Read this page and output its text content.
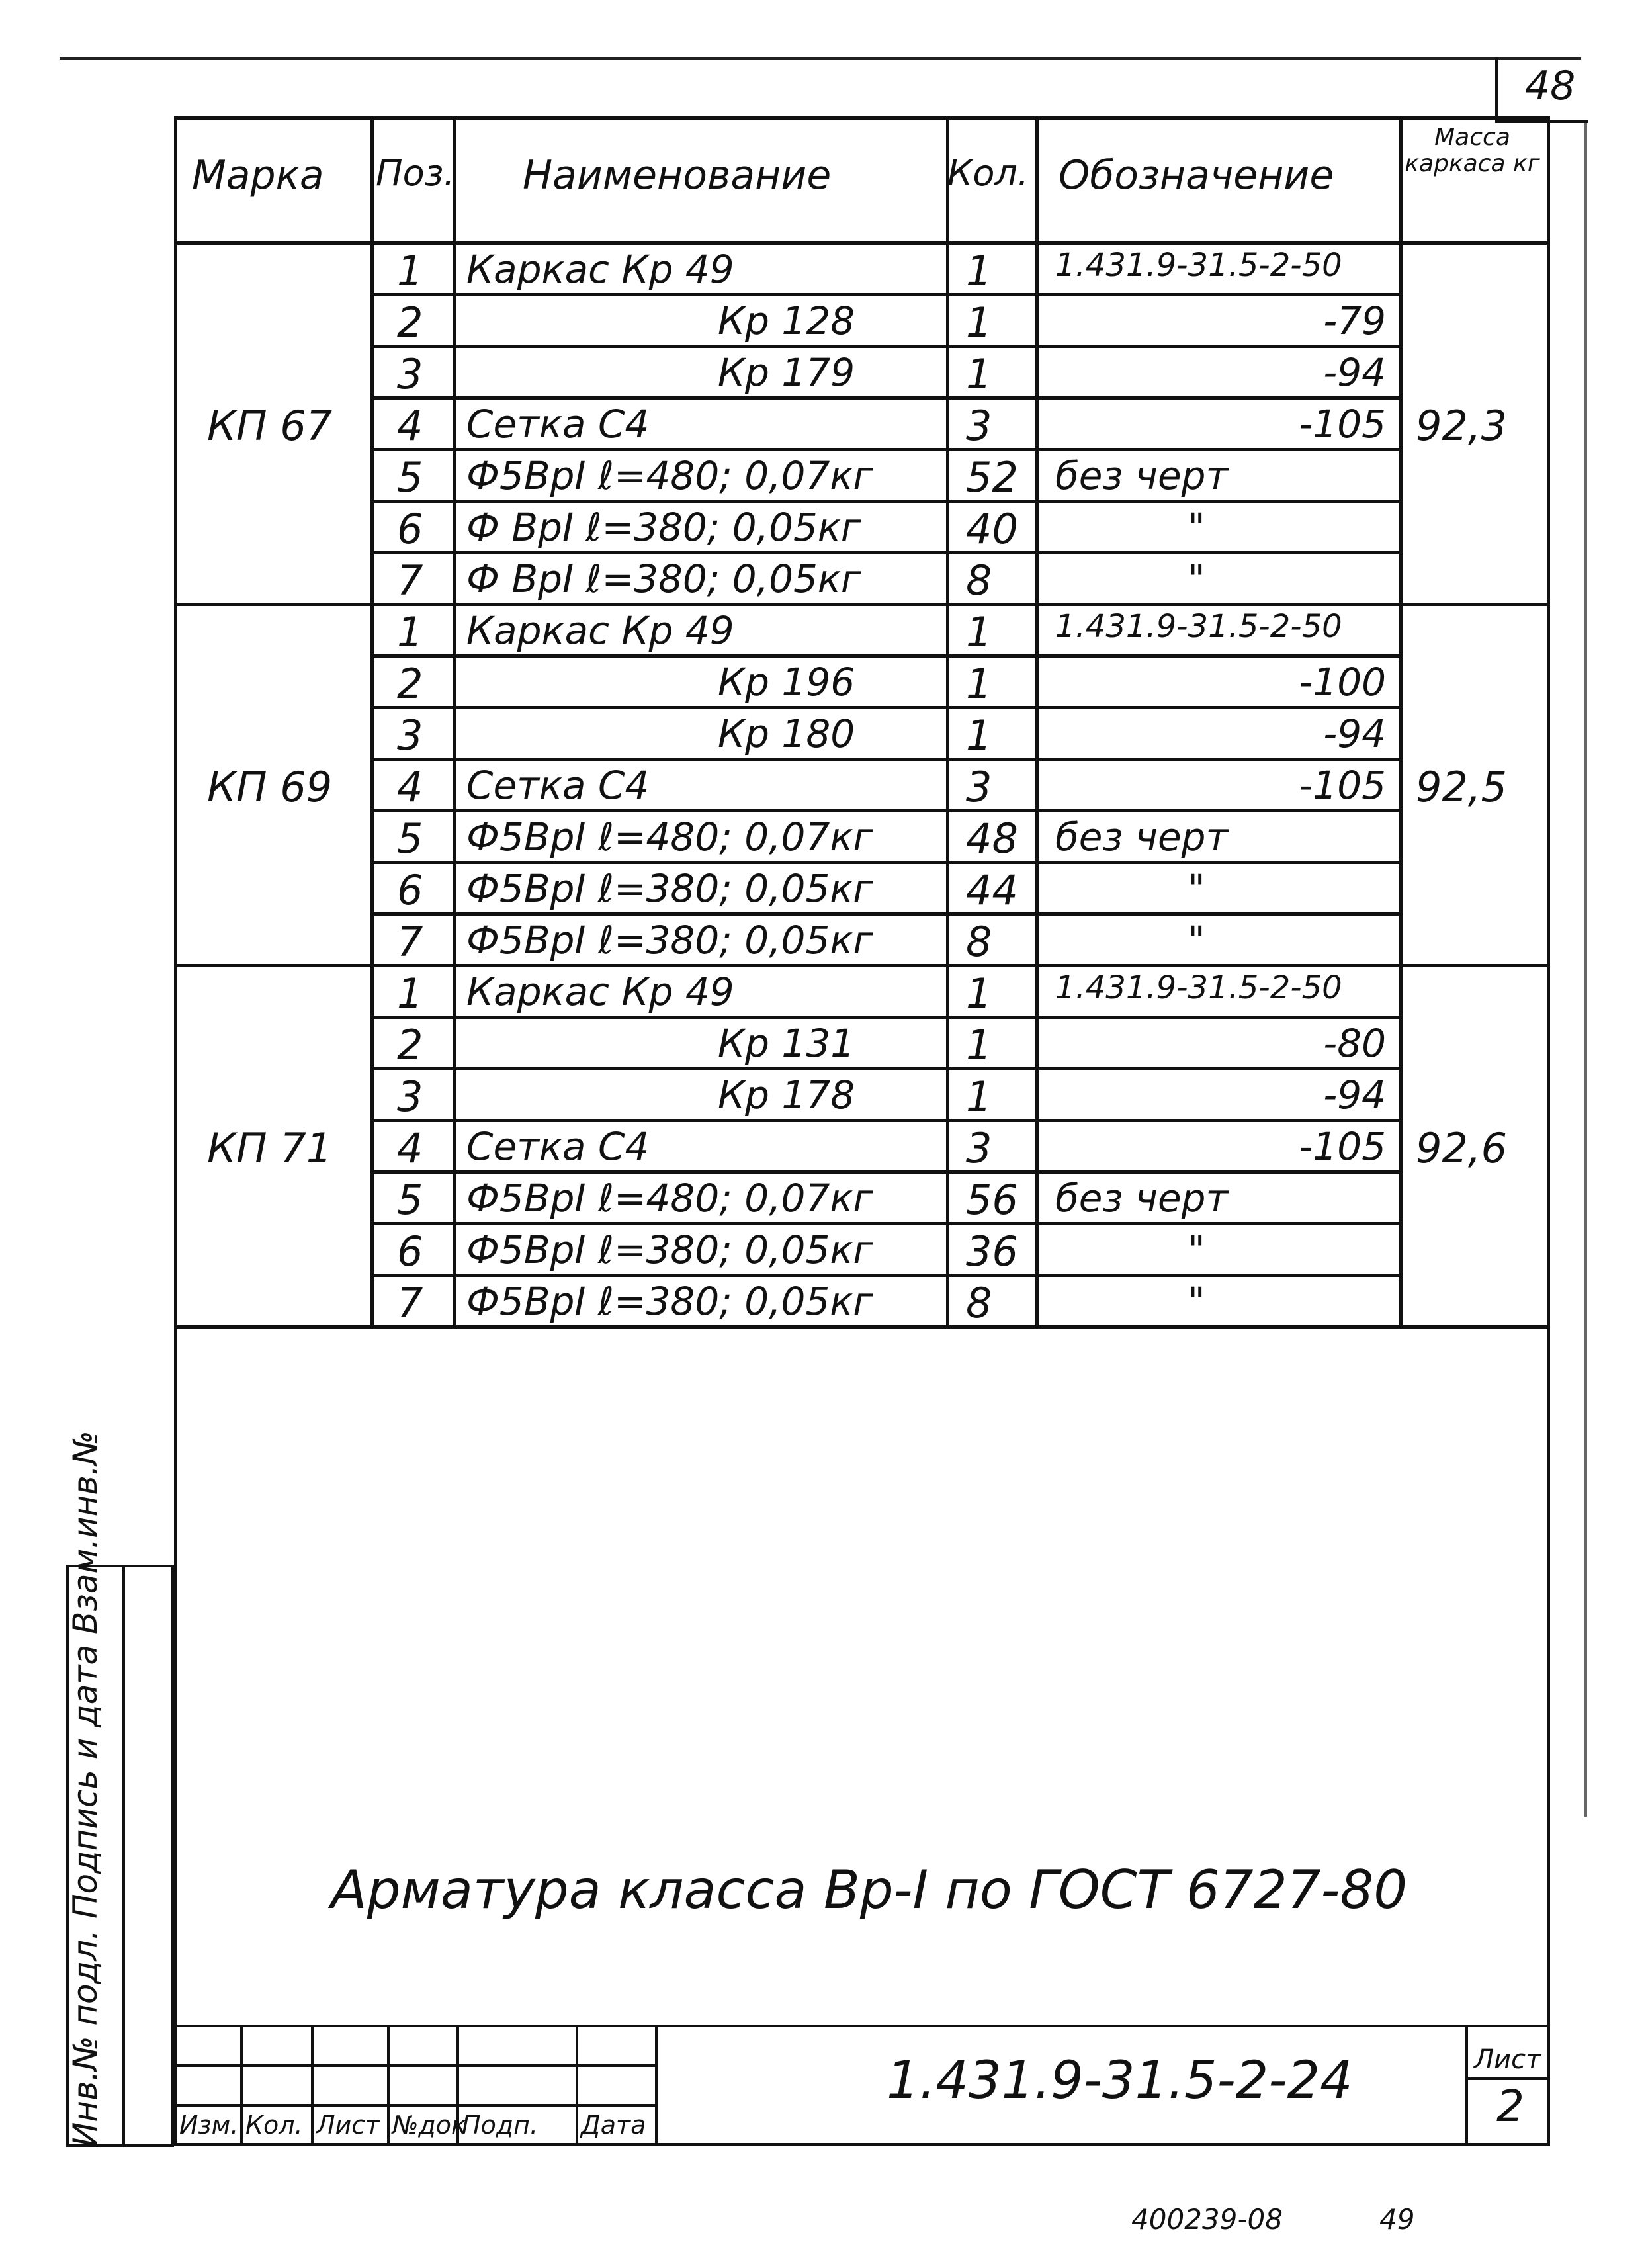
48
Марка Поз. Наименование	Кол. Обозначение
Масса каркаса кг
1 Каркас Кр 49	1 1.431.9-31.5-2-50
2	Кр 128	1	-79
3	Кр 179	1	-94
4 Сетка С4	3	-105
5 Ф5ВрI ℓ=480; 0,07кг 52 без черт
6 Ф ВрI ℓ=380; 0,05кг	40	"
7 Ф ВрI ℓ=380; 0,05кг	8	"
КП 67	92,3
1 Каркас Кр 49	1 1.431.9-31.5-2-50
2	Кр 196	1	-100
3	Кр 180	1	-94
4 Сетка С4	3	-105
5 Ф5ВрI ℓ=480; 0,07кг 48 без черт
6 Ф5ВрI ℓ=380; 0,05кг 44	"
7 Ф5ВрI ℓ=380; 0,05кг 8	"
КП 69	92,5
1 Каркас Кр 49	1 1.431.9-31.5-2-50
2	Кр 131	1	-80
3	Кр 178	1	-94
4 Сетка С4	3	-105
5 Ф5ВрI ℓ=480; 0,07кг 56 без черт
6 Ф5ВрI ℓ=380; 0,05кг 36	"
7 Ф5ВрI ℓ=380; 0,05кг 8	"
КП 71	92,6
Арматура класса Вр-I по ГОСТ 6727-80
Изм. Кол. Лист №док
Подп. Дата
1.431.9-31.5-2-24	Лист
2
Инв.№ подл. Подпись и дата Взам.инв.№
400239-08	49
